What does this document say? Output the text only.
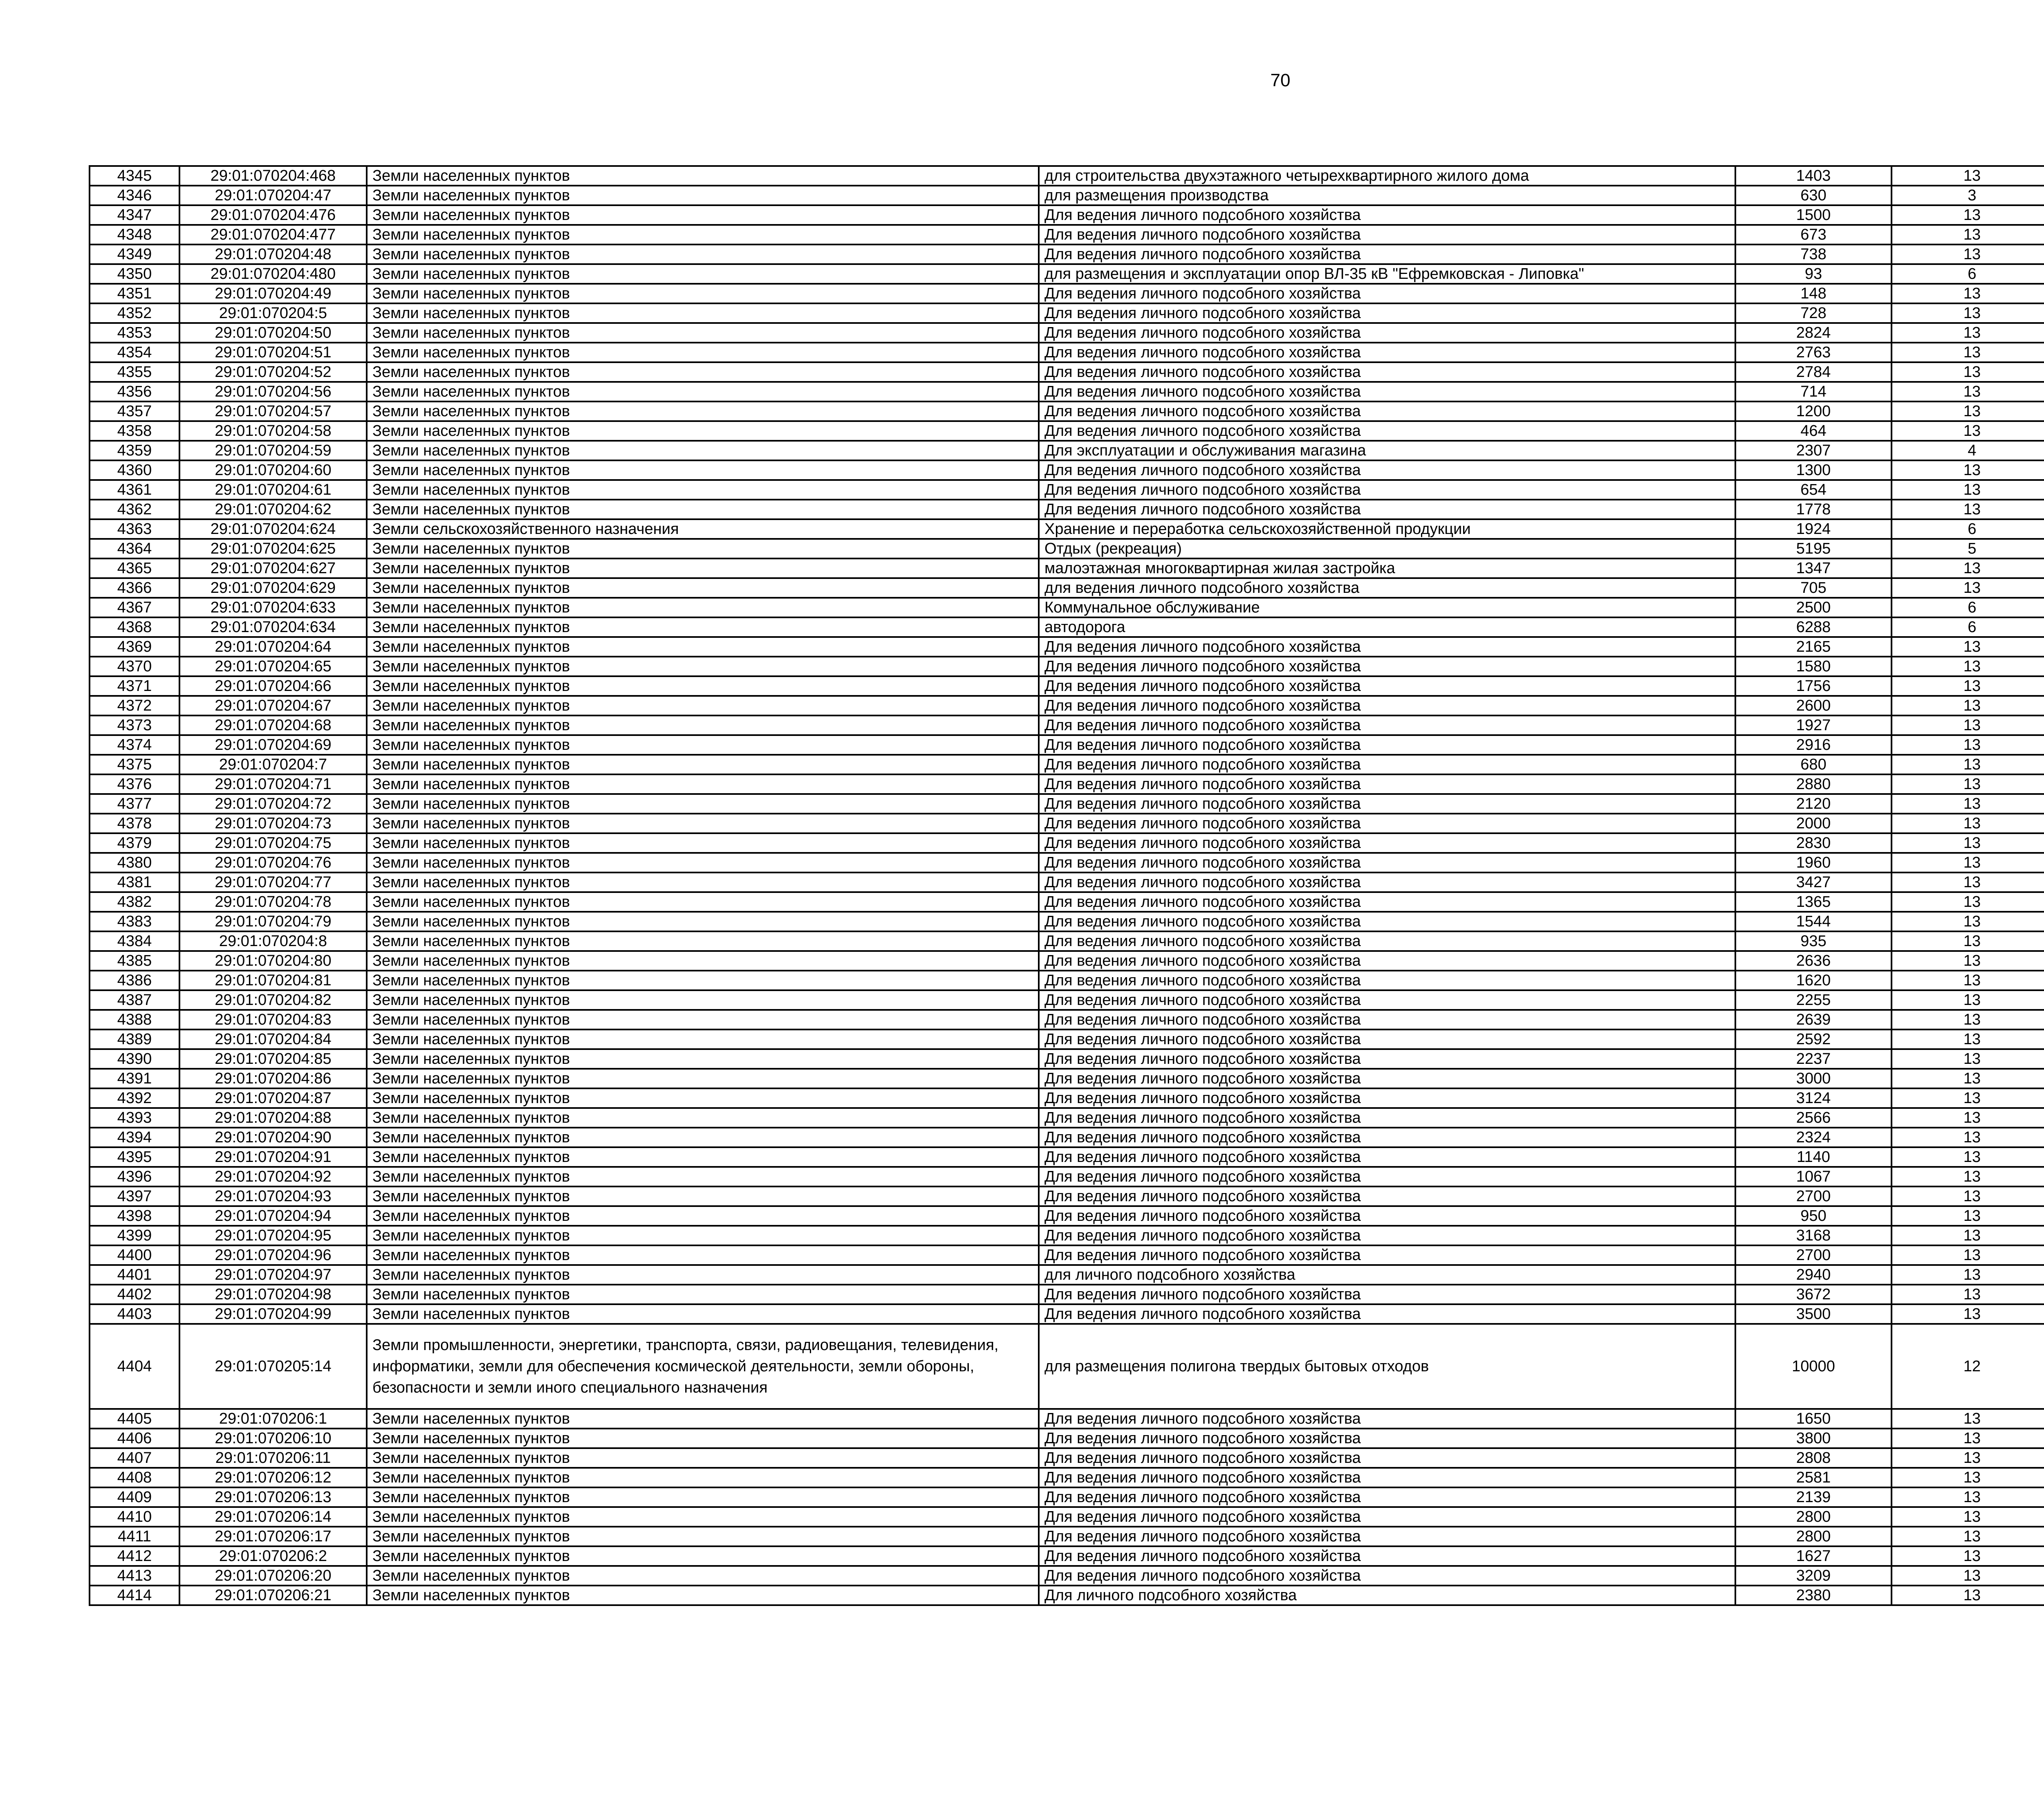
70
4345	29:01:070204:468	Земли населенных пунктов	для строительства двухэтажного четырехквартирного жилого дома	1403	13		
4346	29:01:070204:47	Земли населенных пунктов	для размещения производства	630	3		
4347	29:01:070204:476	Земли населенных пунктов	Для ведения личного подсобного хозяйства	1500	13		
4348	29:01:070204:477	Земли населенных пунктов	Для ведения личного подсобного хозяйства	673	13		
4349	29:01:070204:48	Земли населенных пунктов	Для ведения личного подсобного хозяйства	738	13		
4350	29:01:070204:480	Земли населенных пунктов	для размещения и эксплуатации опор ВЛ-35 кВ "Ефремковская - Липовка"	93	6		
4351	29:01:070204:49	Земли населенных пунктов	Для ведения личного подсобного хозяйства	148	13		
4352	29:01:070204:5	Земли населенных пунктов	Для ведения личного подсобного хозяйства	728	13		
4353	29:01:070204:50	Земли населенных пунктов	Для ведения личного подсобного хозяйства	2824	13		
4354	29:01:070204:51	Земли населенных пунктов	Для ведения личного подсобного хозяйства	2763	13		
4355	29:01:070204:52	Земли населенных пунктов	Для ведения личного подсобного хозяйства	2784	13		
4356	29:01:070204:56	Земли населенных пунктов	Для ведения личного подсобного хозяйства	714	13		
4357	29:01:070204:57	Земли населенных пунктов	Для ведения личного подсобного хозяйства	1200	13		
4358	29:01:070204:58	Земли населенных пунктов	Для ведения личного подсобного хозяйства	464	13		
4359	29:01:070204:59	Земли населенных пунктов	Для эксплуатации и обслуживания магазина	2307	4		
4360	29:01:070204:60	Земли населенных пунктов	Для ведения личного подсобного хозяйства	1300	13		
4361	29:01:070204:61	Земли населенных пунктов	Для ведения личного подсобного хозяйства	654	13		
4362	29:01:070204:62	Земли населенных пунктов	Для ведения личного подсобного хозяйства	1778	13		
4363	29:01:070204:624	Земли сельскохозяйственного назначения	Хранение и переработка сельскохозяйственной продукции	1924	6		
4364	29:01:070204:625	Земли населенных пунктов	Отдых (рекреация)	5195	5		
4365	29:01:070204:627	Земли населенных пунктов	малоэтажная многоквартирная жилая застройка	1347	13		
4366	29:01:070204:629	Земли населенных пунктов	для ведения личного подсобного хозяйства	705	13		
4367	29:01:070204:633	Земли населенных пунктов	Коммунальное обслуживание	2500	6		
4368	29:01:070204:634	Земли населенных пунктов	автодорога	6288	6		
4369	29:01:070204:64	Земли населенных пунктов	Для ведения личного подсобного хозяйства	2165	13		
4370	29:01:070204:65	Земли населенных пунктов	Для ведения личного подсобного хозяйства	1580	13		
4371	29:01:070204:66	Земли населенных пунктов	Для ведения личного подсобного хозяйства	1756	13		
4372	29:01:070204:67	Земли населенных пунктов	Для ведения личного подсобного хозяйства	2600	13		
4373	29:01:070204:68	Земли населенных пунктов	Для ведения личного подсобного хозяйства	1927	13		
4374	29:01:070204:69	Земли населенных пунктов	Для ведения личного подсобного хозяйства	2916	13		
4375	29:01:070204:7	Земли населенных пунктов	Для ведения личного подсобного хозяйства	680	13		
4376	29:01:070204:71	Земли населенных пунктов	Для ведения личного подсобного хозяйства	2880	13		
4377	29:01:070204:72	Земли населенных пунктов	Для ведения личного подсобного хозяйства	2120	13		
4378	29:01:070204:73	Земли населенных пунктов	Для ведения личного подсобного хозяйства	2000	13		
4379	29:01:070204:75	Земли населенных пунктов	Для ведения личного подсобного хозяйства	2830	13		
4380	29:01:070204:76	Земли населенных пунктов	Для ведения личного подсобного хозяйства	1960	13		
4381	29:01:070204:77	Земли населенных пунктов	Для ведения личного подсобного хозяйства	3427	13		
4382	29:01:070204:78	Земли населенных пунктов	Для ведения личного подсобного хозяйства	1365	13		
4383	29:01:070204:79	Земли населенных пунктов	Для ведения личного подсобного хозяйства	1544	13		
4384	29:01:070204:8	Земли населенных пунктов	Для ведения личного подсобного хозяйства	935	13		
4385	29:01:070204:80	Земли населенных пунктов	Для ведения личного подсобного хозяйства	2636	13		
4386	29:01:070204:81	Земли населенных пунктов	Для ведения личного подсобного хозяйства	1620	13		
4387	29:01:070204:82	Земли населенных пунктов	Для ведения личного подсобного хозяйства	2255	13		
4388	29:01:070204:83	Земли населенных пунктов	Для ведения личного подсобного хозяйства	2639	13		
4389	29:01:070204:84	Земли населенных пунктов	Для ведения личного подсобного хозяйства	2592	13		
4390	29:01:070204:85	Земли населенных пунктов	Для ведения личного подсобного хозяйства	2237	13		
4391	29:01:070204:86	Земли населенных пунктов	Для ведения личного подсобного хозяйства	3000	13		
4392	29:01:070204:87	Земли населенных пунктов	Для ведения личного подсобного хозяйства	3124	13		
4393	29:01:070204:88	Земли населенных пунктов	Для ведения личного подсобного хозяйства	2566	13		
4394	29:01:070204:90	Земли населенных пунктов	Для ведения личного подсобного хозяйства	2324	13		
4395	29:01:070204:91	Земли населенных пунктов	Для ведения личного подсобного хозяйства	1140	13		
4396	29:01:070204:92	Земли населенных пунктов	Для ведения личного подсобного хозяйства	1067	13		
4397	29:01:070204:93	Земли населенных пунктов	Для ведения личного подсобного хозяйства	2700	13		
4398	29:01:070204:94	Земли населенных пунктов	Для ведения личного подсобного хозяйства	950	13		
4399	29:01:070204:95	Земли населенных пунктов	Для ведения личного подсобного хозяйства	3168	13		
4400	29:01:070204:96	Земли населенных пунктов	Для ведения личного подсобного хозяйства	2700	13		
4401	29:01:070204:97	Земли населенных пунктов	для личного подсобного хозяйства	2940	13		
4402	29:01:070204:98	Земли населенных пунктов	Для ведения личного подсобного хозяйства	3672	13		
4403	29:01:070204:99	Земли населенных пунктов	Для ведения личного подсобного хозяйства	3500	13		
4404	29:01:070205:14	Земли промышленности, энергетики, транспорта, связи, радиовещания, телевидения, информатики, земли для обеспечения космической деятельности, земли обороны, безопасности и земли иного специального назначения	для размещения полигона твердых бытовых отходов	10000	12		
4405	29:01:070206:1	Земли населенных пунктов	Для ведения личного подсобного хозяйства	1650	13		
4406	29:01:070206:10	Земли населенных пунктов	Для ведения личного подсобного хозяйства	3800	13		
4407	29:01:070206:11	Земли населенных пунктов	Для ведения личного подсобного хозяйства	2808	13		
4408	29:01:070206:12	Земли населенных пунктов	Для ведения личного подсобного хозяйства	2581	13		
4409	29:01:070206:13	Земли населенных пунктов	Для ведения личного подсобного хозяйства	2139	13		
4410	29:01:070206:14	Земли населенных пунктов	Для ведения личного подсобного хозяйства	2800	13		
4411	29:01:070206:17	Земли населенных пунктов	Для ведения личного подсобного хозяйства	2800	13		
4412	29:01:070206:2	Земли населенных пунктов	Для ведения личного подсобного хозяйства	1627	13		
4413	29:01:070206:20	Земли населенных пунктов	Для ведения личного подсобного хозяйства	3209	13		
4414	29:01:070206:21	Земли населенных пунктов	Для личного подсобного хозяйства	2380	13		
